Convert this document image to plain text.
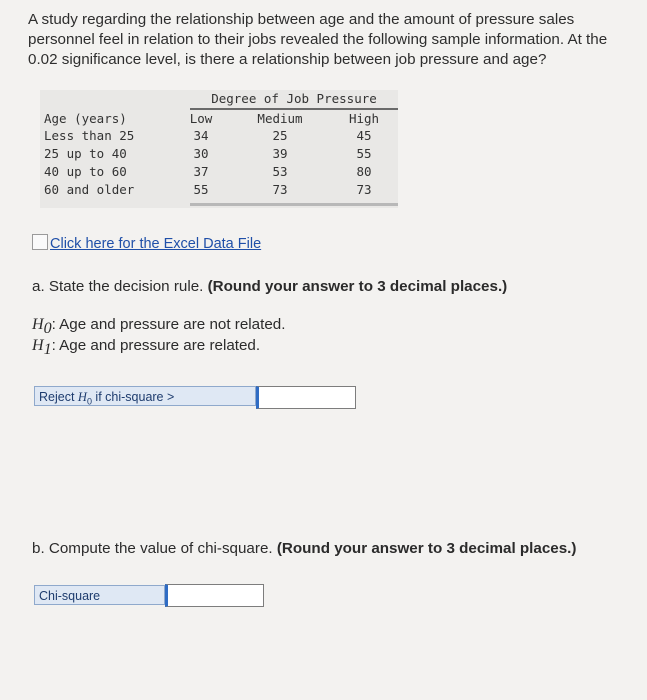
A study regarding the relationship between age and the amount of pressure sales personnel feel in relation to their jobs revealed the following sample information. At the 0.02 significance level, is there a relationship between job pressure and age?
Degree of Job Pressure
Age (years)	Low	Medium	High
Less than 25	34	25	45
25 up to 40	30	39	55
40 up to 60	37	53	80
60 and older	55	73	73
Click here for the Excel Data File
a. State the decision rule. (Round your answer to 3 decimal places.)
$H_0$: Age and pressure are not related.
$H_1$: Age and pressure are related.
Reject $H_0$ if chi-square >
b. Compute the value of chi-square. (Round your answer to 3 decimal places.)
Chi-square
